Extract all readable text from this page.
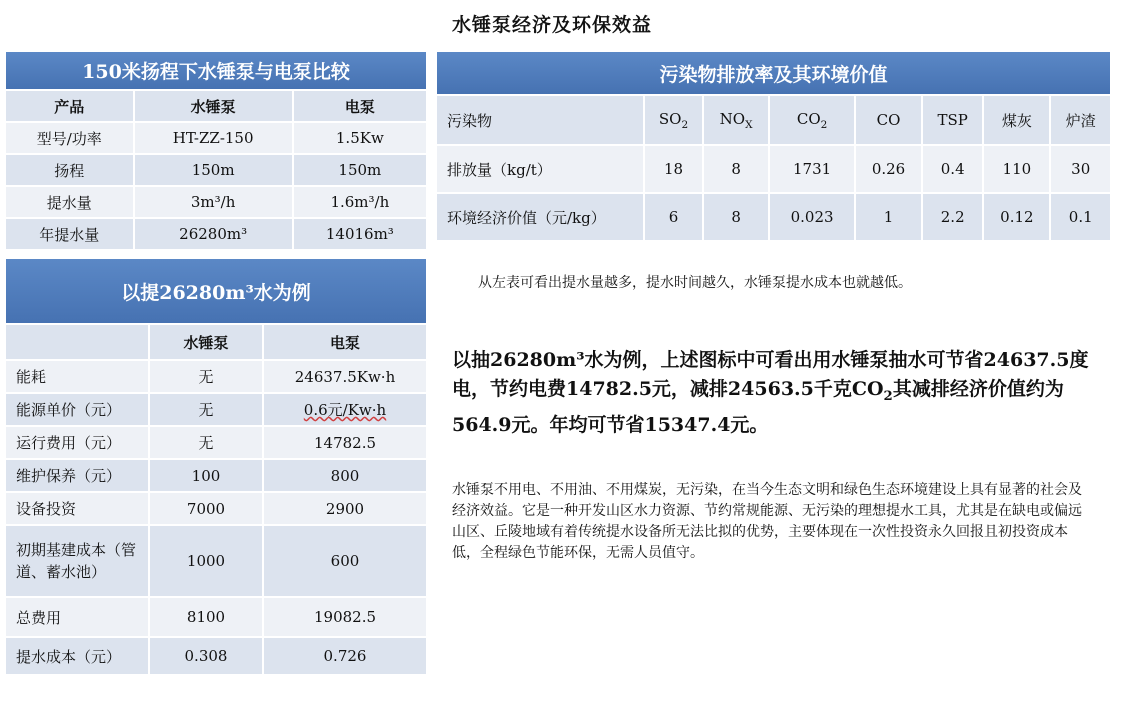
水锤泵经济及环保效益
150米扬程下水锤泵与电泵比较		
产品	水锤泵	电泵
型号/功率	HT-ZZ-150	1.5Kw
扬程	150m	150m
提水量	3m³/h	1.6m³/h
年提水量	26280m³	14016m³
以提26280m³水为例		
	水锤泵	电泵
能耗	无	24637.5Kw·h
能源单价（元）	无	0.6元/Kw·h
运行费用（元）	无	14782.5
维护保养（元）	100	800
设备投资	7000	2900
初期基建成本（管道、蓄水池）	1000	600
总费用	8100	19082.5
提水成本（元）	0.308	0.726
污染物排放率及其环境价值							
污染物	$SO_2$	$NO_X$	$CO_2$	CO	TSP	煤灰	炉渣
排放量（kg/t）	18	8	1731	0.26	0.4	110	30
环境经济价值（元/kg）	6	8	0.023	1	2.2	0.12	0.1
从左表可看出提水量越多，提水时间越久，水锤泵提水成本也就越低。
以抽26280m³水为例，上述图标中可看出用水锤泵抽水可节省24637.5度电，节约电费14782.5元，减排24563.5千克$CO_2$其减排经济价值约为564.9元。年均可节省15347.4元。
水锤泵不用电、不用油、不用煤炭，无污染，在当今生态文明和绿色生态环境建设上具有显著的社会及经济效益。它是一种开发山区水力资源、节约常规能源、无污染的理想提水工具，尤其是在缺电或偏远山区、丘陵地域有着传统提水设备所无法比拟的优势，主要体现在一次性投资永久回报且初投资成本低，全程绿色节能环保，无需人员值守。
